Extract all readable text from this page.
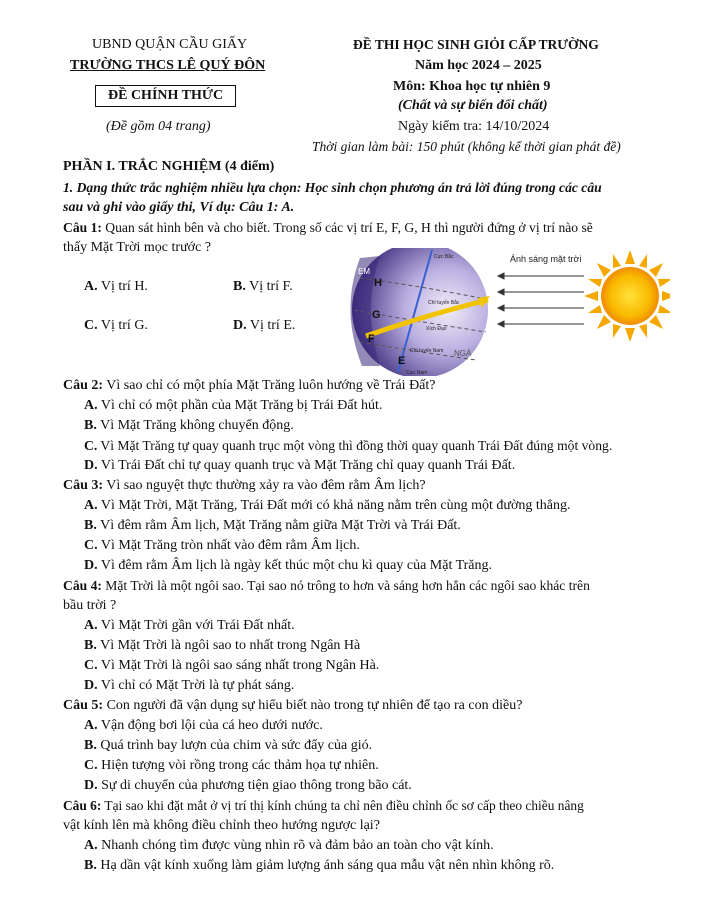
UBND QUẬN CẦU GIẤY
TRƯỜNG THCS LÊ QUÝ ĐÔN
ĐỀ CHÍNH THỨC
(Đề gồm 04 trang)
ĐỀ THI HỌC SINH GIỎI CẤP TRƯỜNG
Năm học 2024 – 2025
Môn: Khoa học tự nhiên 9
(Chất và sự biến đổi chất)
Ngày kiểm tra: 14/10/2024
Thời gian làm bài: 150 phút (không kể thời gian phát đề)
PHẦN I. TRẮC NGHIỆM (4 điểm)
1. Dạng thức trắc nghiệm nhiều lựa chọn: Học sinh chọn phương án trả lời đúng trong các câu
sau và ghi vào giấy thi, Ví dụ: Câu 1: A.
Câu 1: Quan sát hình bên và cho biết. Trong số các vị trí E, F, G, H thì người đứng ở vị trí nào sẽ
thấy Mặt Trời mọc trước ?
A. Vị trí H.	B. Vị trí F.
C. Vị trí G.	D. Vị trí E.
EM
H
G
F
E
NGÀ
Cực Bắc
Chí tuyến Bắc
Xích Đạo
Chí tuyến Nam
Cực Nam
Ánh sáng mặt trời
Câu 2: Vì sao chỉ có một phía Mặt Trăng luôn hướng về Trái Đất?
A. Vì chỉ có một phần của Mặt Trăng bị Trái Đất hút.
B. Vì Mặt Trăng không chuyển động.
C. Vì Mặt Trăng tự quay quanh trục một vòng thì đồng thời quay quanh Trái Đất đúng một vòng.
D. Vì Trái Đất chỉ tự quay quanh trục và Mặt Trăng chỉ quay quanh Trái Đất.
Câu 3: Vì sao nguyệt thực thường xảy ra vào đêm rằm Âm lịch?
A. Vì Mặt Trời, Mặt Trăng, Trái Đất mới có khả năng nằm trên cùng một đường thẳng.
B. Vì đêm rằm Âm lịch, Mặt Trăng nằm giữa Mặt Trời và Trái Đất.
C. Vì Mặt Trăng tròn nhất vào đêm rằm Âm lịch.
D. Vì đêm rằm Âm lịch là ngày kết thúc một chu kì quay của Mặt Trăng.
Câu 4: Mặt Trời là một ngôi sao. Tại sao nó trông to hơn và sáng hơn hẳn các ngôi sao khác trên
bầu trời ?
A. Vì Mặt Trời gần với Trái Đất nhất.
B. Vì Mặt Trời là ngôi sao to nhất trong Ngân Hà
C. Vì Mặt Trời là ngôi sao sáng nhất trong Ngân Hà.
D. Vì chỉ có Mặt Trời là tự phát sáng.
Câu 5: Con người đã vận dụng sự hiểu biết nào trong tự nhiên để tạo ra con diều?
A. Vận động bơi lội của cá heo dưới nước.
B. Quá trình bay lượn của chim và sức đẩy của gió.
C. Hiện tượng vòi rồng trong các thảm họa tự nhiên.
D. Sự di chuyển của phương tiện giao thông trong bão cát.
Câu 6: Tại sao khi đặt mắt ở vị trí thị kính chúng ta chỉ nên điều chỉnh ốc sơ cấp theo chiều nâng
vật kính lên mà không điều chỉnh theo hướng ngược lại?
A. Nhanh chóng tìm được vùng nhìn rõ và đảm bảo an toàn cho vật kính.
B. Hạ dần vật kính xuống làm giảm lượng ánh sáng qua mẫu vật nên nhìn không rõ.
